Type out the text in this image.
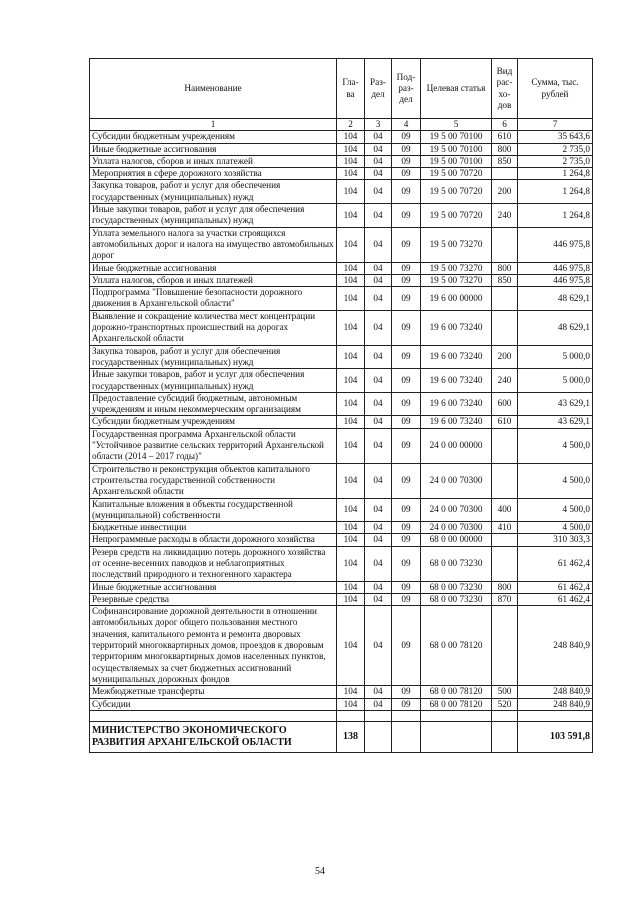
Наименование	Гла-ва	Раз-дел	Под-раз-дел	Целевая статья	Вид рас-хо-дов	Сумма, тыс. рублей
1	2	3	4	5	6	7
Субсидии бюджетным учреждениям	104	04	09	19 5 00 70100	610	35 643,6
Иные бюджетные ассигнования	104	04	09	19 5 00 70100	800	2 735,0
Уплата налогов, сборов и иных платежей	104	04	09	19 5 00 70100	850	2 735,0
Мероприятия в сфере дорожного хозяйства	104	04	09	19 5 00 70720		1 264,8
Закупка товаров, работ и услуг для обеспечения государственных (муниципальных) нужд	104	04	09	19 5 00 70720	200	1 264,8
Иные закупки товаров, работ и услуг для обеспечения государственных (муниципальных) нужд	104	04	09	19 5 00 70720	240	1 264,8
Уплата земельного налога за участки строящихся автомобильных дорог и налога на имущество автомобильных дорог	104	04	09	19 5 00 73270		446 975,8
Иные бюджетные ассигнования	104	04	09	19 5 00 73270	800	446 975,8
Уплата налогов, сборов и иных платежей	104	04	09	19 5 00 73270	850	446 975,8
Подпрограмма "Повышение безопасности дорожного движения в Архангельской области"	104	04	09	19 6 00 00000		48 629,1
Выявление и сокращение количества мест концентрации дорожно-транспортных происшествий на дорогах Архангельской области	104	04	09	19 6 00 73240		48 629,1
Закупка товаров, работ и услуг для обеспечения государственных (муниципальных) нужд	104	04	09	19 6 00 73240	200	5 000,0
Иные закупки товаров, работ и услуг для обеспечения государственных (муниципальных) нужд	104	04	09	19 6 00 73240	240	5 000,0
Предоставление субсидий бюджетным, автономным учреждениям и иным некоммерческим организациям	104	04	09	19 6 00 73240	600	43 629,1
Субсидии бюджетным учреждениям	104	04	09	19 6 00 73240	610	43 629,1
Государственная программа Архангельской области "Устойчивое развитие сельских территорий Архангельской области (2014 – 2017 годы)"	104	04	09	24 0 00 00000		4 500,0
Строительство и реконструкция объектов капитального строительства государственной собственности Архангельской области	104	04	09	24 0 00 70300		4 500,0
Капитальные вложения в объекты государственной (муниципальной) собственности	104	04	09	24 0 00 70300	400	4 500,0
Бюджетные инвестиции	104	04	09	24 0 00 70300	410	4 500,0
Непрограммные расходы в области дорожного хозяйства	104	04	09	68 0 00 00000		310 303,3
Резерв средств на ликвидацию потерь дорожного хозяйства от осенне-весенних паводков и неблагоприятных последствий природного и техногенного характера	104	04	09	68 0 00 73230		61 462,4
Иные бюджетные ассигнования	104	04	09	68 0 00 73230	800	61 462,4
Резервные средства	104	04	09	68 0 00 73230	870	61 462,4
Софинансирование дорожной деятельности в отношении автомобильных дорог общего пользования местного значения, капитального ремонта и ремонта дворовых территорий многоквартирных домов, проездов к дворовым территориям многоквартирных домов населенных пунктов, осуществляемых за счет бюджетных ассигнований муниципальных дорожных фондов	104	04	09	68 0 00 78120		248 840,9
Межбюджетные трансферты	104	04	09	68 0 00 78120	500	248 840,9
Субсидии	104	04	09	68 0 00 78120	520	248 840,9

МИНИСТЕРСТВО ЭКОНОМИЧЕСКОГО РАЗВИТИЯ АРХАНГЕЛЬСКОЙ ОБЛАСТИ	138					103 591,8
54
